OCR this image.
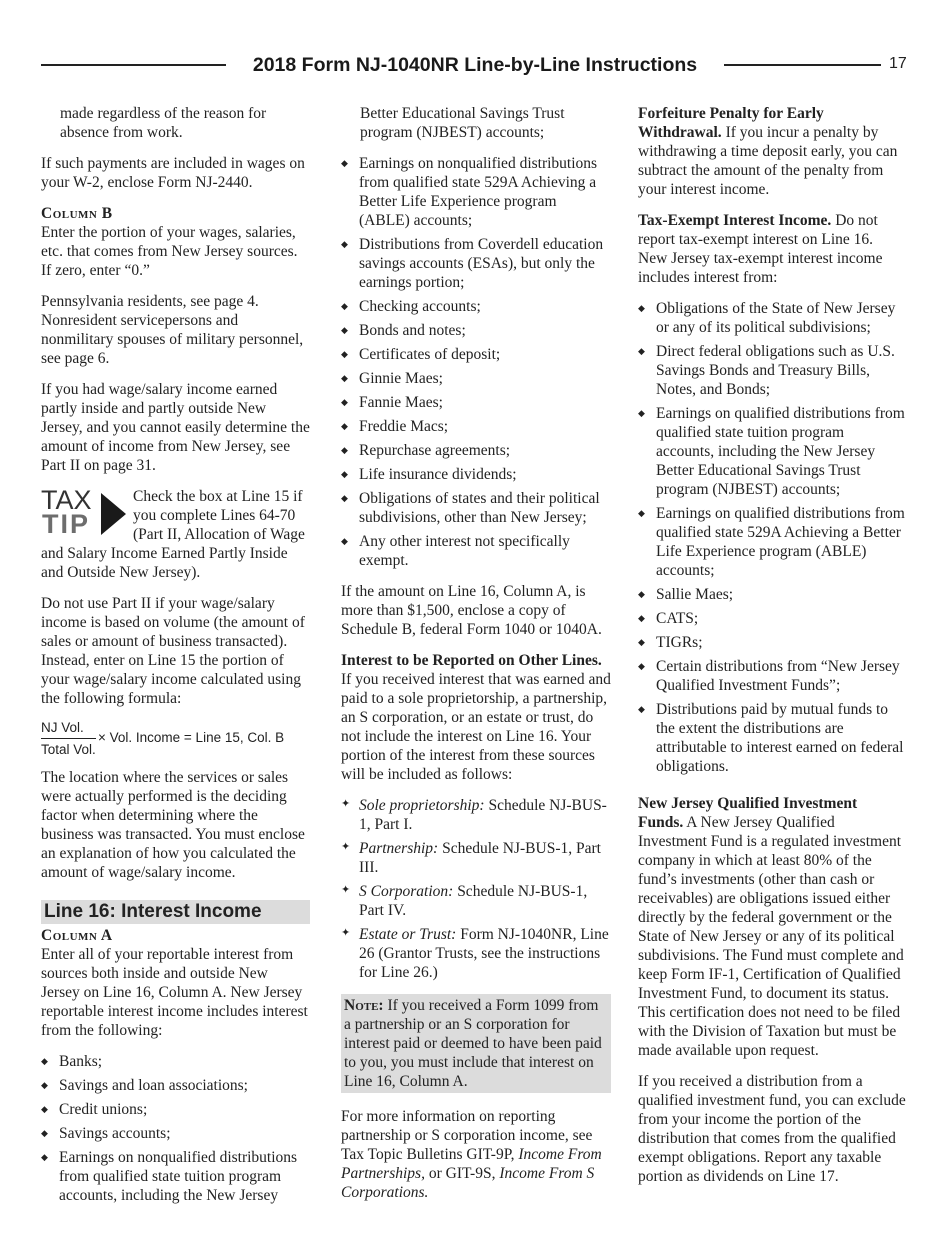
2018 Form NJ-1040NR Line-by-Line Instructions	17

made regardless of the reason for absence from work.

If such payments are included in wages on your W-2, enclose Form NJ-2440.

Column B

Enter the portion of your wages, salaries, etc. that comes from New Jersey sources. If zero, enter “0.”

Pennsylvania residents, see page 4. Nonresident servicepersons and nonmilitary spouses of military personnel, see page 6.

If you had wage/salary income earned partly inside and partly outside New Jersey, and you cannot easily determine the amount of income from New Jersey, see Part II on page 31.

TAX
TIP

Check the box at Line 15 if you complete Lines 64-70 (Part II, Allocation of Wage and Salary Income Earned Partly Inside and Outside New Jersey).

Do not use Part II if your wage/salary income is based on volume (the amount of sales or amount of business transacted). Instead, enter on Line 15 the portion of your wage/salary income calculated using the following formula:

NJ Vol.
× Vol. Income = Line 15, Col. B
Total Vol.

The location where the services or sales were actually performed is the deciding factor when determining where the business was transacted. You must enclose an explanation of how you calculated the amount of wage/salary income.

Line 16: Interest Income
Column A

Enter all of your reportable interest from sources both inside and outside New Jersey on Line 16, Column A. New Jersey reportable interest income includes interest from the following:

◆ Banks;
◆ Savings and loan associations;
◆ Credit unions;
◆ Savings accounts;
◆ Earnings on nonqualified distributions from qualified state tuition program accounts, including the New Jersey

Better Educational Savings Trust program (NJBEST) accounts;

◆ Earnings on nonqualified distributions from qualified state 529A Achieving a Better Life Experience program (ABLE) accounts;
◆ Distributions from Coverdell education savings accounts (ESAs), but only the earnings portion;
◆ Checking accounts;
◆ Bonds and notes;
◆ Certificates of deposit;
◆ Ginnie Maes;
◆ Fannie Maes;
◆ Freddie Macs;
◆ Repurchase agreements;
◆ Life insurance dividends;
◆ Obligations of states and their political subdivisions, other than New Jersey;
◆ Any other interest not specifically exempt.

If the amount on Line 16, Column A, is more than $1,500, enclose a copy of Schedule B, federal Form 1040 or 1040A.

Interest to be Reported on Other Lines. If you received interest that was earned and paid to a sole proprietorship, a partnership, an S corporation, or an estate or trust, do not include the interest on Line 16. Your portion of the interest from these sources will be included as follows:

✦ Sole proprietorship: Schedule NJ-BUS-1, Part I.
✦ Partnership: Schedule NJ-BUS-1, Part III.
✦ S Corporation: Schedule NJ-BUS-1, Part IV.
✦ Estate or Trust: Form NJ-1040NR, Line 26 (Grantor Trusts, see the instructions for Line 26.)
Note: If you received a Form 1099 from a partnership or an S corporation for interest paid or deemed to have been paid to you, you must include that interest on Line 16, Column A.

For more information on reporting partnership or S corporation income, see Tax Topic Bulletins GIT-9P, Income From Partnerships, or GIT-9S, Income From S Corporations.

Forfeiture Penalty for Early Withdrawal. If you incur a penalty by withdrawing a time deposit early, you can subtract the amount of the penalty from your interest income.

Tax-Exempt Interest Income. Do not report tax-exempt interest on Line 16. New Jersey tax-exempt interest income includes interest from:

◆ Obligations of the State of New Jersey or any of its political subdivisions;
◆ Direct federal obligations such as U.S. Savings Bonds and Treasury Bills, Notes, and Bonds;
◆ Earnings on qualified distributions from qualified state tuition program accounts, including the New Jersey Better Educational Savings Trust program (NJBEST) accounts;
◆ Earnings on qualified distributions from qualified state 529A Achieving a Better Life Experience program (ABLE) accounts;
◆ Sallie Maes;
◆ CATS;
◆ TIGRs;
◆ Certain distributions from “New Jersey Qualified Investment Funds”;
◆ Distributions paid by mutual funds to the extent the distributions are attributable to interest earned on federal obligations.

New Jersey Qualified Investment Funds. A New Jersey Qualified Investment Fund is a regulated investment company in which at least 80% of the fund’s investments (other than cash or receivables) are obligations issued either directly by the federal government or the State of New Jersey or any of its political subdivisions. The Fund must complete and keep Form IF-1, Certification of Qualified Investment Fund, to document its status. This certification does not need to be filed with the Division of Taxation but must be made available upon request.

If you received a distribution from a qualified investment fund, you can exclude from your income the portion of the distribution that comes from the qualified exempt obligations. Report any taxable portion as dividends on Line 17.
